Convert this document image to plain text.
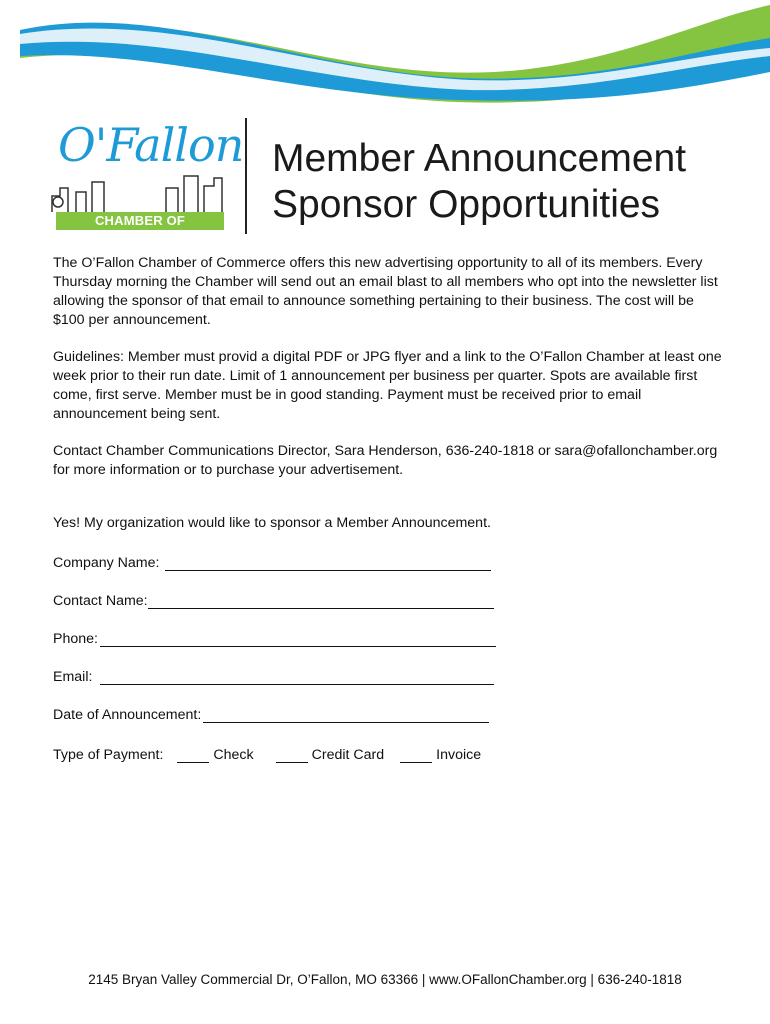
O'Fallon
CHAMBER OF COMMERCE
Member Announcement
Sponsor Opportunities

The O’Fallon Chamber of Commerce offers this new advertising opportunity to all of its members. Every Thursday morning the Chamber will send out an email blast to all members who opt into the newsletter list allowing the sponsor of that email to announce something pertaining to their business. The cost will be $100 per announcement.

Guidelines: Member must provid a digital PDF or JPG flyer and a link to the O’Fallon Chamber at least one week prior to their run date. Limit of 1 announcement per business per quarter. Spots are available first come, first serve. Member must be in good standing. Payment must be received prior to email announcement being sent.

Contact Chamber Communications Director, Sara Henderson, 636-240-1818 or sara@ofallonchamber.org for more information or to purchase your advertisement.

Yes! My organization would like to sponsor a Member Announcement.
Company Name:
Contact Name:
Phone:
Email:
Date of Announcement:
Type of Payment:	Check	Credit Card	Invoice
2145 Bryan Valley Commercial Dr, O’Fallon, MO 63366 | www.OFallonChamber.org | 636-240-1818
